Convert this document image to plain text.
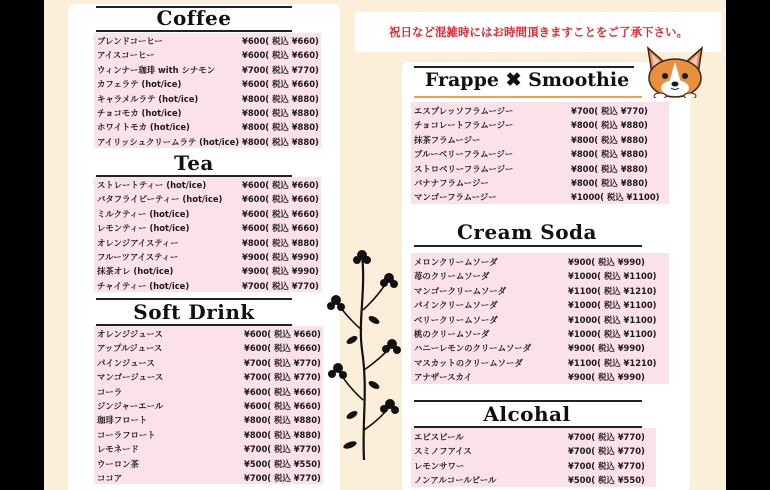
Coffee
ブレンドコーヒー	¥600( 税込 ¥660)
アイスコーヒー	¥600( 税込 ¥660)
ウィンナー珈琲 with シナモン	¥700( 税込 ¥770)
カフェラテ (hot/ice)	¥600( 税込 ¥660)
キャラメルラテ (hot/ice)	¥800( 税込 ¥880)
チョコモカ (hot/ice)	¥800( 税込 ¥880)
ホワイトモカ (hot/ice)	¥800( 税込 ¥880)
アイリッシュクリームラテ (hot/ice) ¥800( 税込 ¥880)
Tea
ストレートティー (hot/ice)	¥600( 税込 ¥660)
バタフライピーティー (hot/ice) ¥600( 税込 ¥660)
ミルクティー (hot/ice)	¥600( 税込 ¥660)
レモンティー (hot/ice)	¥600( 税込 ¥660)
オレンジアイスティー	¥800( 税込 ¥880)
フルーツアイスティー	¥900( 税込 ¥990)
抹茶オレ (hot/ice)	¥900( 税込 ¥990)
チャイティー (hot/ice)	¥700( 税込 ¥770)
Soft Drink
オレンジジュース	¥600( 税込 ¥660)
アップルジュース	¥600( 税込 ¥660)
パインジュース	¥700( 税込 ¥770)
マンゴージュース	¥700( 税込 ¥770)
コーラ	¥600( 税込 ¥660)
ジンジャーエール	¥600( 税込 ¥660)
珈琲フロート	¥800( 税込 ¥880)
コーラフロート	¥800( 税込 ¥880)
レモネード	¥700( 税込 ¥770)
ウーロン茶	¥500( 税込 ¥550)
ココア	¥700( 税込 ¥770)
祝日など混雑時にはお時間頂きますことをご了承下さい。
Frappe ✖ Smoothie
エスプレッソフラムージー	¥700( 税込 ¥770)
チョコレートフラムージー	¥800( 税込 ¥880)
抹茶フラムージー	¥800( 税込 ¥880)
ブルーベリーフラムージー	¥800( 税込 ¥880)
ストロベリーフラムージー	¥800( 税込 ¥880)
バナナフラムージー	¥800( 税込 ¥880)
マンゴーフラムージー	¥1000( 税込 ¥1100)
Cream Soda
メロンクリームソーダ	¥900( 税込 ¥990)
苺のクリームソーダ	¥1000( 税込 ¥1100)
マンゴークリームソーダ	¥1100( 税込 ¥1210)
パインクリームソーダ	¥1000( 税込 ¥1100)
ベリークリームソーダ	¥1000( 税込 ¥1100)
桃のクリームソーダ	¥1000( 税込 ¥1100)
ハニーレモンのクリームソーダ	¥900( 税込 ¥990)
マスカットのクリームソーダ	¥1100( 税込 ¥1210)
アナザースカイ	¥900( 税込 ¥990)
Alcohal
エビスビール	¥700( 税込 ¥770)
スミノフアイス	¥700( 税込 ¥770)
レモンサワー	¥700( 税込 ¥770)
ノンアルコールビール	¥500( 税込 ¥550)
